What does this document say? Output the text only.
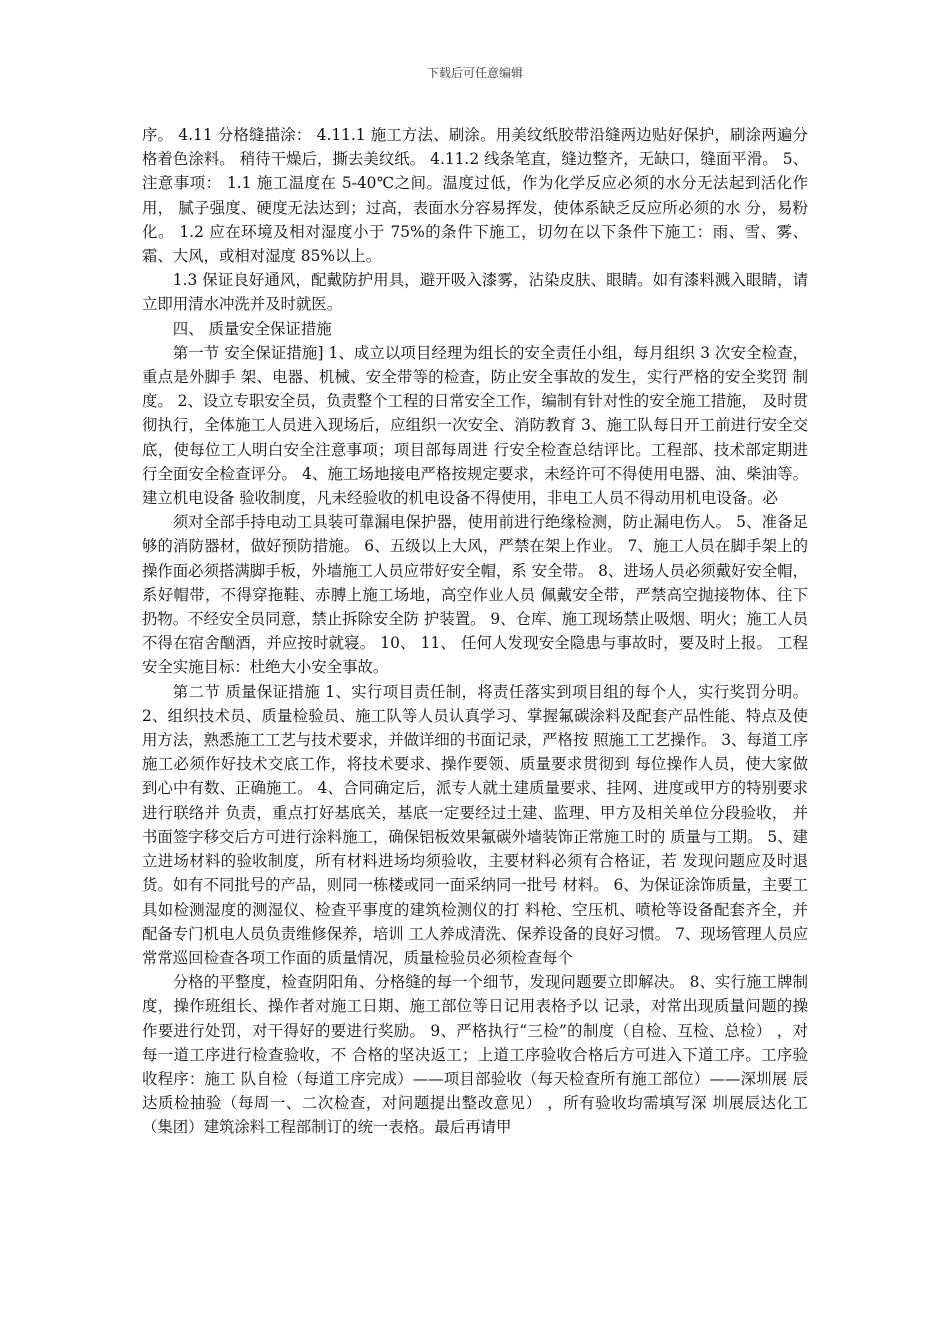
下载后可任意编辑

序。 4.11 分格缝描涂： 4.11.1 施工方法、刷涂。用美纹纸胶带沿缝两边贴好保护，刷涂两遍分格着色涂料。 稍待干燥后，撕去美纹纸。 4.11.2 线条笔直，缝边整齐，无缺口，缝面平滑。 5、注意事项： 1.1 施工温度在 5-40℃之间。温度过低，作为化学反应必须的水分无法起到活化作用， 腻子强度、硬度无法达到；过高，表面水分容易挥发，使体系缺乏反应所必须的水 分，易粉化。 1.2 应在环境及相对湿度小于 75%的条件下施工，切勿在以下条件下施工：雨、雪、雾、 霜、大风，或相对湿度 85%以上。

1.3 保证良好通风，配戴防护用具，避开吸入漆雾，沾染皮肤、眼睛。如有漆料溅入眼睛，请立即用清水冲洗并及时就医。

四、 质量安全保证措施

第一节 安全保证措施] 1、成立以项目经理为组长的安全责任小组，每月组织 3 次安全检查，重点是外脚手 架、电器、机械、安全带等的检查，防止安全事故的发生，实行严格的安全奖罚 制度。 2、设立专职安全员，负责整个工程的日常安全工作，编制有针对性的安全施工措施， 及时贯彻执行，全体施工人员进入现场后，应组织一次安全、消防教育 3、施工队每日开工前进行安全交底，使每位工人明白安全注意事项；项目部每周进 行安全检查总结评比。工程部、技术部定期进行全面安全检查评分。 4、施工场地接电严格按规定要求，未经许可不得使用电器、油、柴油等。建立机电设备 验收制度，凡未经验收的机电设备不得使用，非电工人员不得动用机电设备。必

须对全部手持电动工具装可靠漏电保护器，使用前进行绝缘检测，防止漏电伤人。 5、准备足够的消防器材，做好预防措施。 6、五级以上大风，严禁在架上作业。 7、施工人员在脚手架上的操作面必须搭满脚手板，外墙施工人员应带好安全帽，系 安全带。 8、进场人员必须戴好安全帽，系好帽带，不得穿拖鞋、赤膊上施工场地，高空作业人员 佩戴安全带，严禁高空抛接物体、往下扔物。不经安全员同意，禁止拆除安全防 护装置。 9、仓库、施工现场禁止吸烟、明火；施工人员不得在宿舍酗酒，并应按时就寝。 10、 11、 任何人发现安全隐患与事故时，要及时上报。 工程安全实施目标：杜绝大小安全事故。

第二节 质量保证措施 1、实行项目责任制，将责任落实到项目组的每个人，实行奖罚分明。 2、组织技术员、质量检验员、施工队等人员认真学习、掌握氟碳涂料及配套产品性能、特点及使用方法，熟悉施工工艺与技术要求，并做详细的书面记录，严格按 照施工工艺操作。 3、每道工序施工必须作好技术交底工作，将技术要求、操作要领、质量要求贯彻到 每位操作人员，使大家做到心中有数、正确施工。 4、合同确定后，派专人就土建质量要求、挂网、进度或甲方的特别要求进行联络并 负责，重点打好基底关，基底一定要经过土建、监理、甲方及相关单位分段验收， 并书面签字移交后方可进行涂料施工，确保铝板效果氟碳外墙装饰正常施工时的 质量与工期。 5、建立进场材料的验收制度，所有材料进场均须验收，主要材料必须有合格证，若 发现问题应及时退货。如有不同批号的产品，则同一栋楼或同一面采纳同一批号 材料。 6、为保证涂饰质量，主要工具如检测湿度的测湿仪、检查平事度的建筑检测仪的打 料枪、空压机、喷枪等设备配套齐全，并配备专门机电人员负责维修保养，培训 工人养成清洗、保养设备的良好习惯。 7、现场管理人员应常常巡回检查各项工作面的质量情况，质量检验员必须检查每个

分格的平整度，检查阴阳角、分格缝的每一个细节，发现问题要立即解决。 8、实行施工牌制度，操作班组长、操作者对施工日期、施工部位等日记用表格予以 记录，对常出现质量问题的操作要进行处罚，对干得好的要进行奖励。 9、严格执行“三检”的制度（自检、互检、总检） ，对每一道工序进行检查验收，不 合格的坚决返工；上道工序验收合格后方可进入下道工序。工序验收程序：施工 队自检（每道工序完成）——项目部验收（每天检查所有施工部位）——深圳展 辰达质检抽验（每周一、二次检查，对问题提出整改意见） ，所有验收均需填写深 圳展辰达化工（集团）建筑涂料工程部制订的统一表格。最后再请甲
